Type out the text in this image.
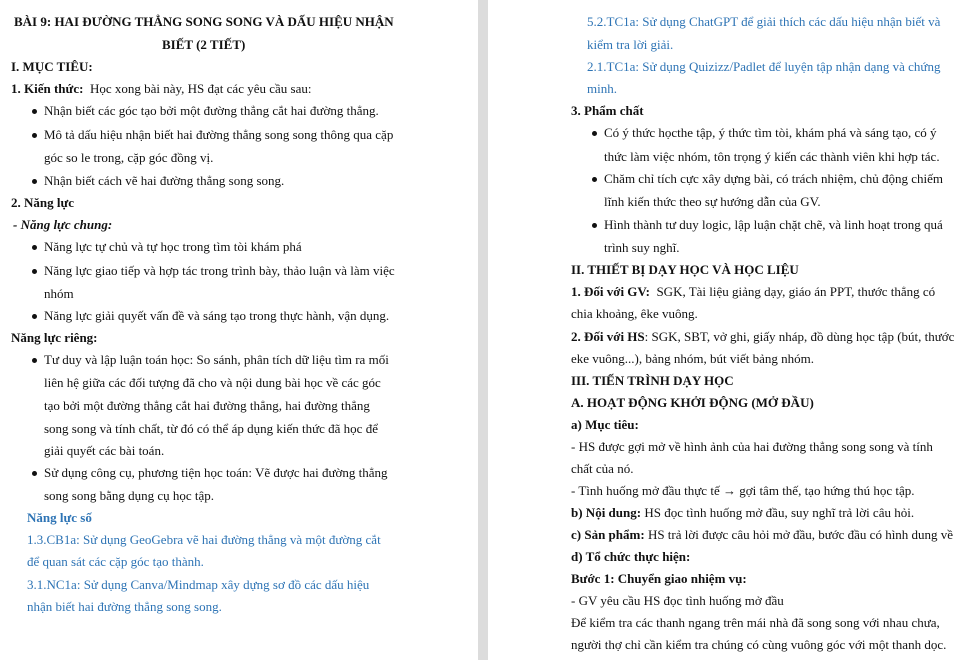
BÀI 9: HAI ĐƯỜNG THẲNG SONG SONG VÀ DẤU HIỆU NHẬN
BIẾT (2 TIẾT)
I. MỤC TIÊU:
1. Kiến thức: Học xong bài này, HS đạt các yêu cầu sau:
Nhận biết các góc tạo bởi một đường thẳng cắt hai đường thẳng.
Mô tả dấu hiệu nhận biết hai đường thẳng song song thông qua cặp
góc so le trong, cặp góc đồng vị.
Nhận biết cách vẽ hai đường thẳng song song.
2. Năng lực
- Năng lực chung:
Năng lực tự chủ và tự học trong tìm tòi khám phá
Năng lực giao tiếp và hợp tác trong trình bày, thảo luận và làm việc
nhóm
Năng lực giải quyết vấn đề và sáng tạo trong thực hành, vận dụng.
Năng lực riêng:
Tư duy và lập luận toán học: So sánh, phân tích dữ liệu tìm ra mối
liên hệ giữa các đối tượng đã cho và nội dung bài học về các góc
tạo bởi một đường thẳng cắt hai đường thẳng, hai đường thẳng
song song và tính chất, từ đó có thể áp dụng kiến thức đã học để
giải quyết các bài toán.
Sử dụng công cụ, phương tiện học toán: Vẽ được hai đường thẳng
song song bằng dụng cụ học tập.
Năng lực số
1.3.CB1a: Sử dụng GeoGebra vẽ hai đường thẳng và một đường cắt
để quan sát các cặp góc tạo thành.
3.1.NC1a: Sử dụng Canva/Mindmap xây dựng sơ đồ các dấu hiệu
nhận biết hai đường thẳng song song.
5.2.TC1a: Sử dụng ChatGPT để giải thích các dấu hiệu nhận biết và
kiểm tra lời giải.
2.1.TC1a: Sử dụng Quizizz/Padlet để luyện tập nhận dạng và chứng
minh.
3. Phẩm chất
Có ý thức họcthe tập, ý thức tìm tòi, khám phá và sáng tạo, có ý
thức làm việc nhóm, tôn trọng ý kiến các thành viên khi hợp tác.
Chăm chỉ tích cực xây dựng bài, có trách nhiệm, chủ động chiếm
lĩnh kiến thức theo sự hướng dẫn của GV.
Hình thành tư duy logic, lập luận chặt chẽ, và linh hoạt trong quá
trình suy nghĩ.
II. THIẾT BỊ DẠY HỌC VÀ HỌC LIỆU
1. Đối với GV: SGK, Tài liệu giảng dạy, giáo án PPT, thước thẳng có
chia khoảng, êke vuông.
2. Đối với HS: SGK, SBT, vở ghi, giấy nháp, đồ dùng học tập (bút, thước
eke vuông...), bảng nhóm, bút viết bảng nhóm.
III. TIẾN TRÌNH DẠY HỌC
A. HOẠT ĐỘNG KHỞI ĐỘNG (MỞ ĐẦU)
a) Mục tiêu:
- HS được gợi mở về hình ảnh của hai đường thẳng song song và tính
chất của nó.
- Tình huống mở đầu thực tế → gợi tâm thế, tạo hứng thú học tập.
b) Nội dung: HS đọc tình huống mở đầu, suy nghĩ trả lời câu hỏi.
c) Sản phẩm: HS trả lời được câu hỏi mở đầu, bước đầu có hình dung về
d) Tổ chức thực hiện:
Bước 1: Chuyển giao nhiệm vụ:
- GV yêu cầu HS đọc tình huống mở đầu
Để kiểm tra các thanh ngang trên mái nhà đã song song với nhau chưa,
người thợ chỉ cần kiểm tra chúng có cùng vuông góc với một thanh dọc.
